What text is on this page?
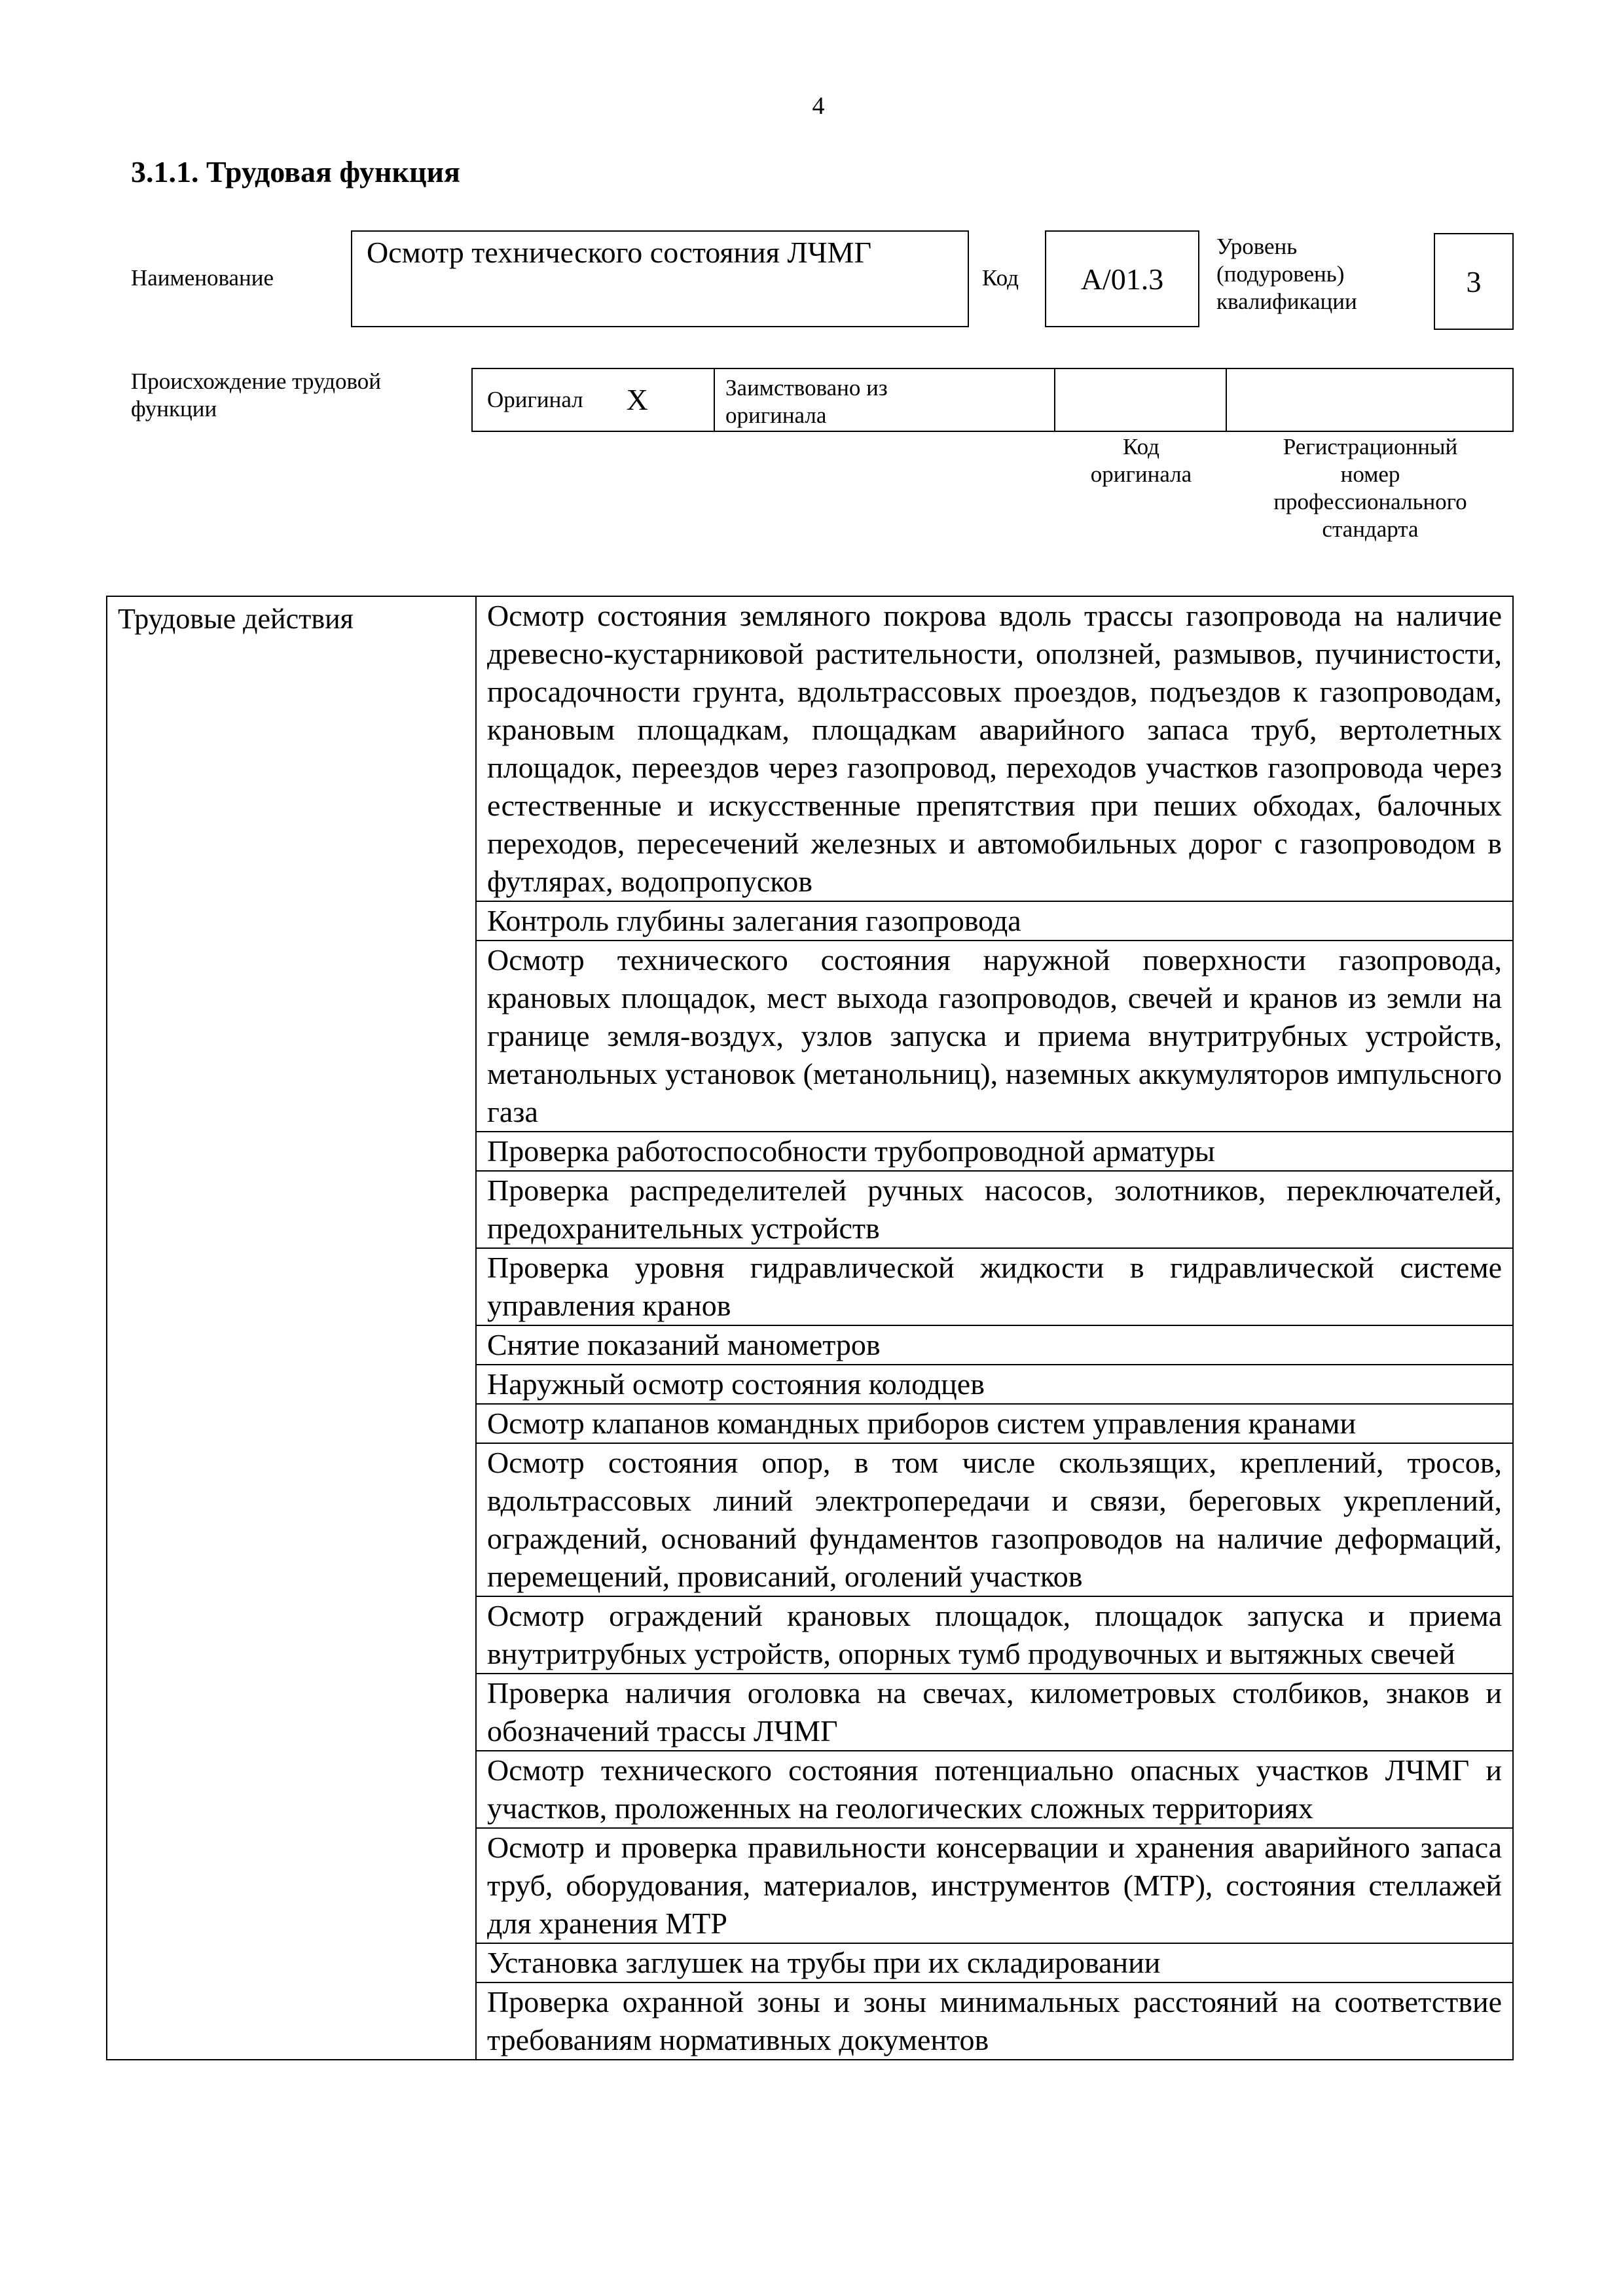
4
3.1.1. Трудовая функция
Наименование
Осмотр технического состояния ЛЧМГ
Код	А/01.3
Уровень
(подуровень)
квалификации
3
Происхождение трудовой
функции	Оригинал X	Заимствовано из
оригинала
Код
оригинала
Регистрационный
номер
профессионального
стандарта
Трудовые действия	Осмотр состояния земляного покрова вдоль трассы газопровода на наличие древесно-кустарниковой растительности, оползней, размывов, пучинистости, просадочности грунта, вдольтрассовых проездов, подъездов к газопроводам, крановым площадкам, площадкам аварийного запаса труб, вертолетных площадок, переездов через газопровод, переходов участков газопровода через естественные и искусственные препятствия при пеших обходах, балочных переходов, пересечений железных и автомобильных дорог с газопроводом в футлярах, водопропусков
Контроль глубины залегания газопровода
Осмотр технического состояния наружной поверхности газопровода, крановых площадок, мест выхода газопроводов, свечей и кранов из земли на границе земля-воздух, узлов запуска и приема внутритрубных устройств, метанольных установок (метанольниц), наземных аккумуляторов импульсного газа
Проверка работоспособности трубопроводной арматуры
Проверка распределителей ручных насосов, золотников, переключателей, предохранительных устройств
Проверка уровня гидравлической жидкости в гидравлической системе управления кранов
Снятие показаний манометров
Наружный осмотр состояния колодцев
Осмотр клапанов командных приборов систем управления кранами
Осмотр состояния опор, в том числе скользящих, креплений, тросов, вдольтрассовых линий электропередачи и связи, береговых укреплений, ограждений, оснований фундаментов газопроводов на наличие деформаций, перемещений, провисаний, оголений участков
Осмотр ограждений крановых площадок, площадок запуска и приема внутритрубных устройств, опорных тумб продувочных и вытяжных свечей
Проверка наличия оголовка на свечах, километровых столбиков, знаков и обозначений трассы ЛЧМГ
Осмотр технического состояния потенциально опасных участков ЛЧМГ и участков, проложенных на геологических сложных территориях
Осмотр и проверка правильности консервации и хранения аварийного запаса труб, оборудования, материалов, инструментов (МТР), состояния стеллажей для хранения МТР
Установка заглушек на трубы при их складировании
Проверка охранной зоны и зоны минимальных расстояний на соответствие требованиям нормативных документов
